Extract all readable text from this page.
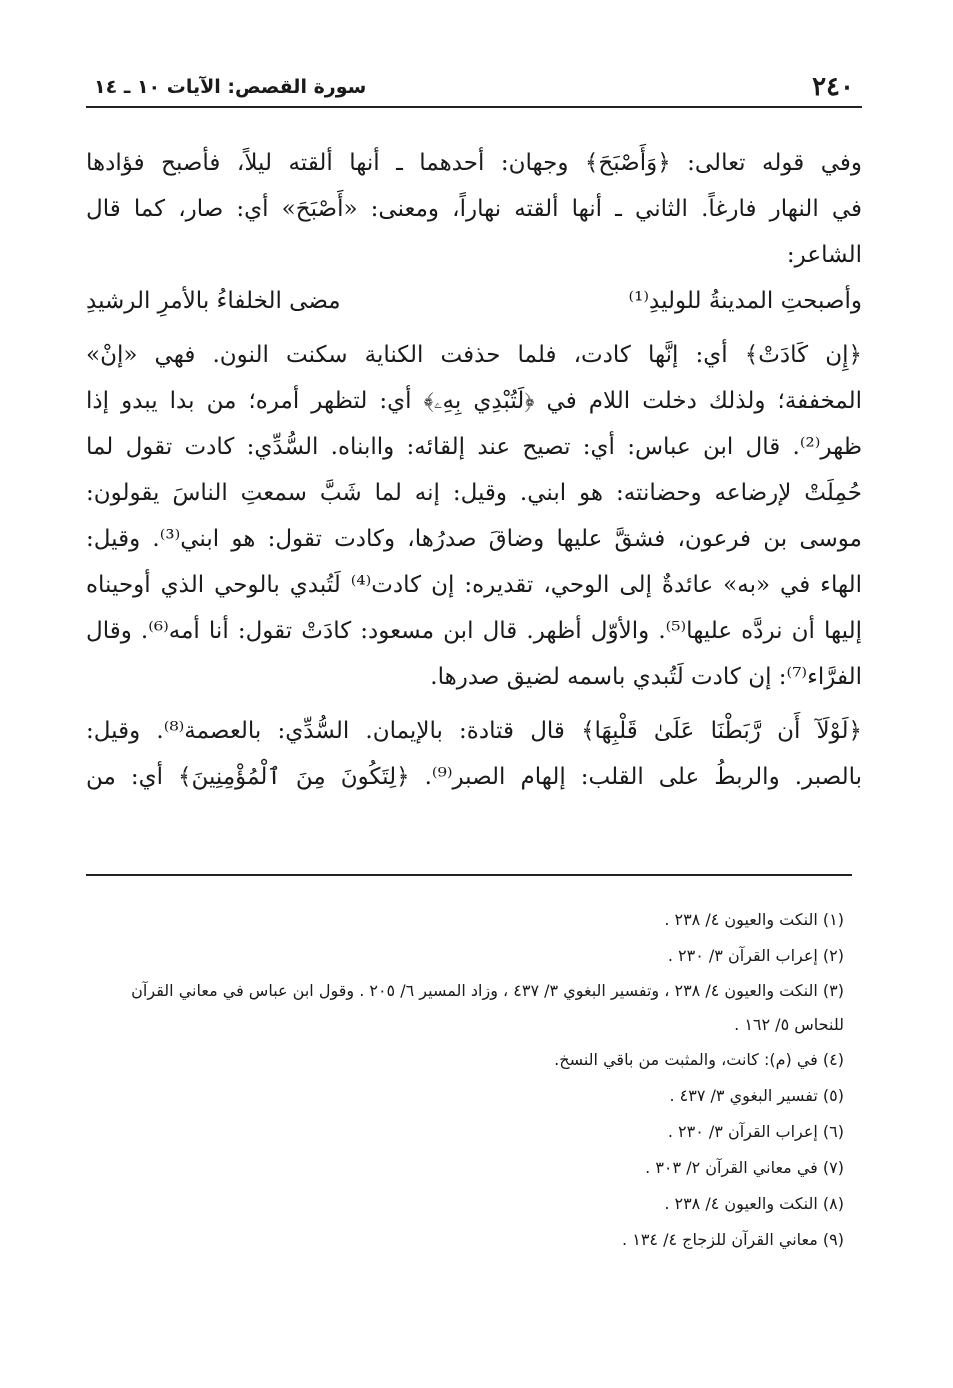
٢٤٠
سورة القصص: الآيات ١٠ ـ ١٤
وفي قوله تعالى: ﴿وَأَصْبَحَ﴾ وجهان: أحدهما ـ أنها ألقته ليلاً، فأصبح فؤادها
في النهار فارغاً. الثاني ـ أنها ألقته نهاراً، ومعنى: «أَصْبَحَ» أي: صار، كما قال
الشاعر:
وأصبحتِ المدينةُ للوليدِ⁽¹⁾
مضى الخلفاءُ بالأمرِ الرشيدِ
﴿إِن كَادَتْ﴾ أي: إنَّها كادت، فلما حذفت الكناية سكنت النون. فهي «إنْ»
المخففة؛ ولذلك دخلت اللام في ﴿لَتُبْدِي بِهِۦ﴾ أي: لتظهر أمره؛ من بدا يبدو إذا
ظهر⁽²⁾. قال ابن عباس: أي: تصيح عند إلقائه: واابناه. السُّدِّي: كادت تقول لما
حُمِلَتْ لإرضاعه وحضانته: هو ابني. وقيل: إنه لما شَبَّ سمعتِ الناسَ يقولون:
موسى بن فرعون، فشقَّ عليها وضاقَ صدرُها، وكادت تقول: هو ابني⁽³⁾. وقيل:
الهاء في «به» عائدةٌ إلى الوحي، تقديره: إن كادت⁽⁴⁾ لَتُبدي بالوحي الذي أوحيناه
إليها أن نردَّه عليها⁽⁵⁾. والأوّل أظهر. قال ابن مسعود: كادَتْ تقول: أنا أمه⁽⁶⁾. وقال
الفرَّاء⁽⁷⁾: إن كادت لَتُبدي باسمه لضيق صدرها.
﴿لَوْلَآ أَن رَّبَطْنَا عَلَىٰ قَلْبِهَا﴾ قال قتادة: بالإيمان. السُّدِّي: بالعصمة⁽⁸⁾. وقيل:
بالصبر. والربطُ على القلب: إلهام الصبر⁽⁹⁾. ﴿لِتَكُونَ مِنَ ٱلْمُؤْمِنِينَ﴾ أي: من
(١) النكت والعيون ٤/ ٢٣٨ .
(٢) إعراب القرآن ٣/ ٢٣٠ .
(٣) النكت والعيون ٤/ ٢٣٨ ، وتفسير البغوي ٣/ ٤٣٧ ، وزاد المسير ٦/ ٢٠٥ . وقول ابن عباس في معاني القرآن للنحاس ٥/ ١٦٢ .
(٤) في (م): كانت، والمثبت من باقي النسخ.
(٥) تفسير البغوي ٣/ ٤٣٧ .
(٦) إعراب القرآن ٣/ ٢٣٠ .
(٧) في معاني القرآن ٢/ ٣٠٣ .
(٨) النكت والعيون ٤/ ٢٣٨ .
(٩) معاني القرآن للزجاج ٤/ ١٣٤ .
